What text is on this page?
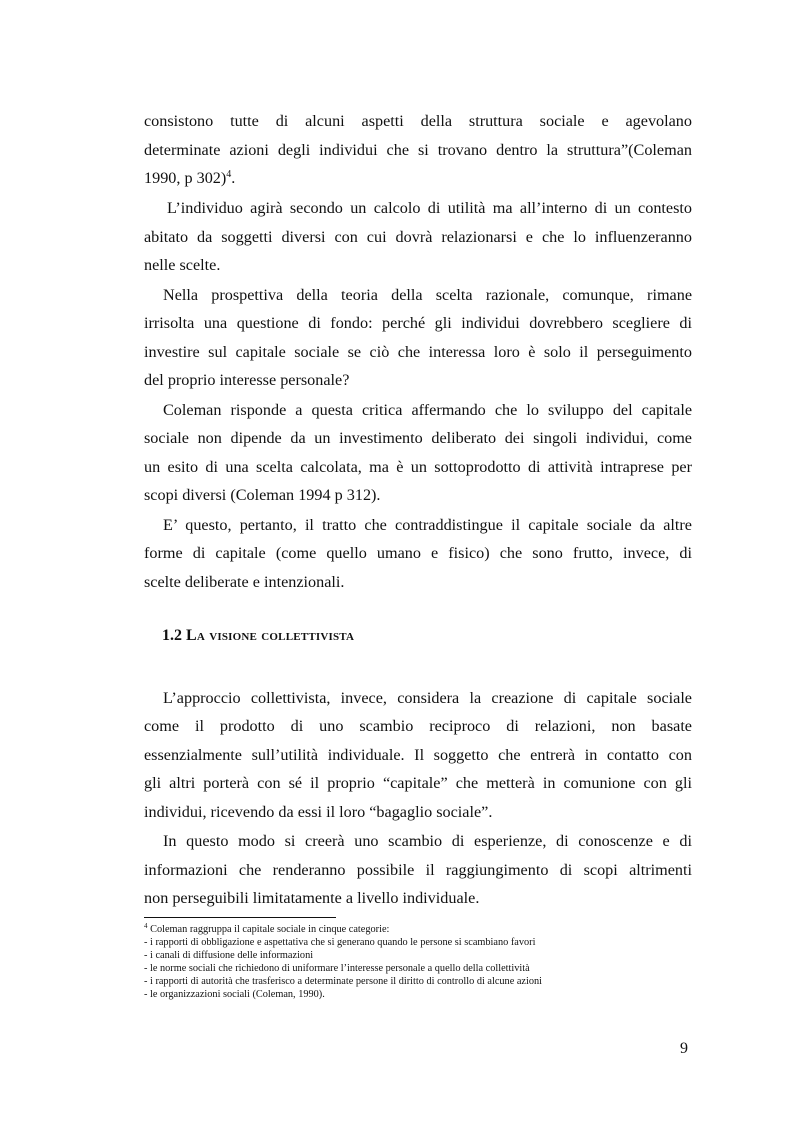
consistono tutte di alcuni aspetti della struttura sociale e agevolano
determinate azioni degli individui che si trovano dentro la struttura”(Coleman
1990, p 302)$^4$.
L’individuo agirà secondo un calcolo di utilità ma all’interno di un contesto
abitato da soggetti diversi con cui dovrà relazionarsi e che lo influenzeranno
nelle scelte.
Nella prospettiva della teoria della scelta razionale, comunque, rimane
irrisolta una questione di fondo: perché gli individui dovrebbero scegliere di
investire sul capitale sociale se ciò che interessa loro è solo il perseguimento
del proprio interesse personale?
Coleman risponde a questa critica affermando che lo sviluppo del capitale
sociale non dipende da un investimento deliberato dei singoli individui, come
un esito di una scelta calcolata, ma è un sottoprodotto di attività intraprese per
scopi diversi (Coleman 1994 p 312).
E’ questo, pertanto, il tratto che contraddistingue il capitale sociale da altre
forme di capitale (come quello umano e fisico) che sono frutto, invece, di
scelte deliberate e intenzionali.
1.2 La visione collettivista
L’approccio collettivista, invece, considera la creazione di capitale sociale
come il prodotto di uno scambio reciproco di relazioni, non basate
essenzialmente sull’utilità individuale. Il soggetto che entrerà in contatto con
gli altri porterà con sé il proprio “capitale” che metterà in comunione con gli
individui, ricevendo da essi il loro “bagaglio sociale”.
In questo modo si creerà uno scambio di esperienze, di conoscenze e di
informazioni che renderanno possibile il raggiungimento di scopi altrimenti
non perseguibili limitatamente a livello individuale.
$^4$ Coleman raggruppa il capitale sociale in cinque categorie:
- i rapporti di obbligazione e aspettativa che si generano quando le persone si scambiano favori
- i canali di diffusione delle informazioni
- le norme sociali che richiedono di uniformare l’interesse personale a quello della collettività
- i rapporti di autorità che trasferisco a determinate persone il diritto di controllo di alcune azioni
- le organizzazioni sociali (Coleman, 1990).
9
